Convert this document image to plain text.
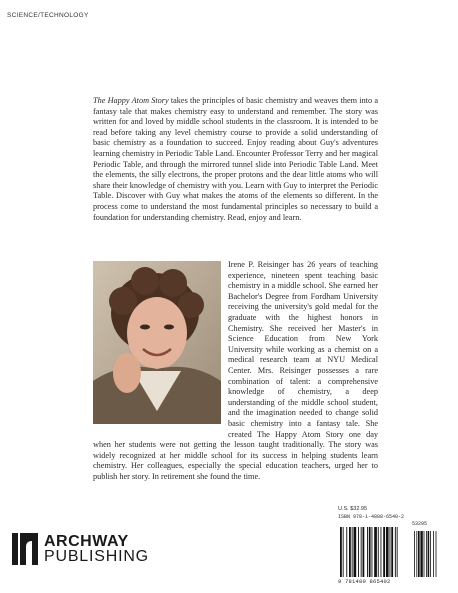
SCIENCE/TECHNOLOGY

The Happy Atom Story takes the principles of basic chemistry and weaves them into a fantasy tale that makes chemistry easy to understand and remember. The story was written for and loved by middle school students in the classroom. It is intended to be read before taking any level chemistry course to provide a solid understanding of basic chemistry as a foundation to succeed. Enjoy reading about Guy's adventures learning chemistry in Periodic Table Land. Encounter Professor Terry and her magical Periodic Table, and through the mirrored tunnel slide into Periodic Table Land. Meet the elements, the silly electrons, the proper protons and the dear little atoms who will share their knowledge of chemistry with you. Learn with Guy to interpret the Periodic Table. Discover with Guy what makes the atoms of the elements so different. In the process come to understand the most fundamental principles so necessary to build a foundation for understanding chemistry. Read, enjoy and learn.

Irene P. Reisinger has 26 years of teaching experience, nineteen spent teaching basic chemistry in a middle school. She earned her Bachelor's Degree from Fordham University receiving the university's gold medal for the graduate with the highest honors in Chemistry. She received her Master's in Science Education from New York University while working as a chemist on a medical research team at NYU Medical Center. Mrs. Reisinger possesses a rare combination of talent: a comprehensive knowledge of chemistry, a deep understanding of the middle school student, and the imagination needed to change solid basic chemistry into a fantasy tale. She created The Happy Atom Story one day when her students were not getting the lesson taught traditionally. The story was widely recognized at her middle school for its success in helping students learn chemistry. Her colleagues, especially the special education teachers, urged her to publish her story. In retirement she found the time.

ARCHWAY
PUBLISHING
U.S. $32.95
ISBN 978-1-4808-6540-2
53295
9 781480 865402
